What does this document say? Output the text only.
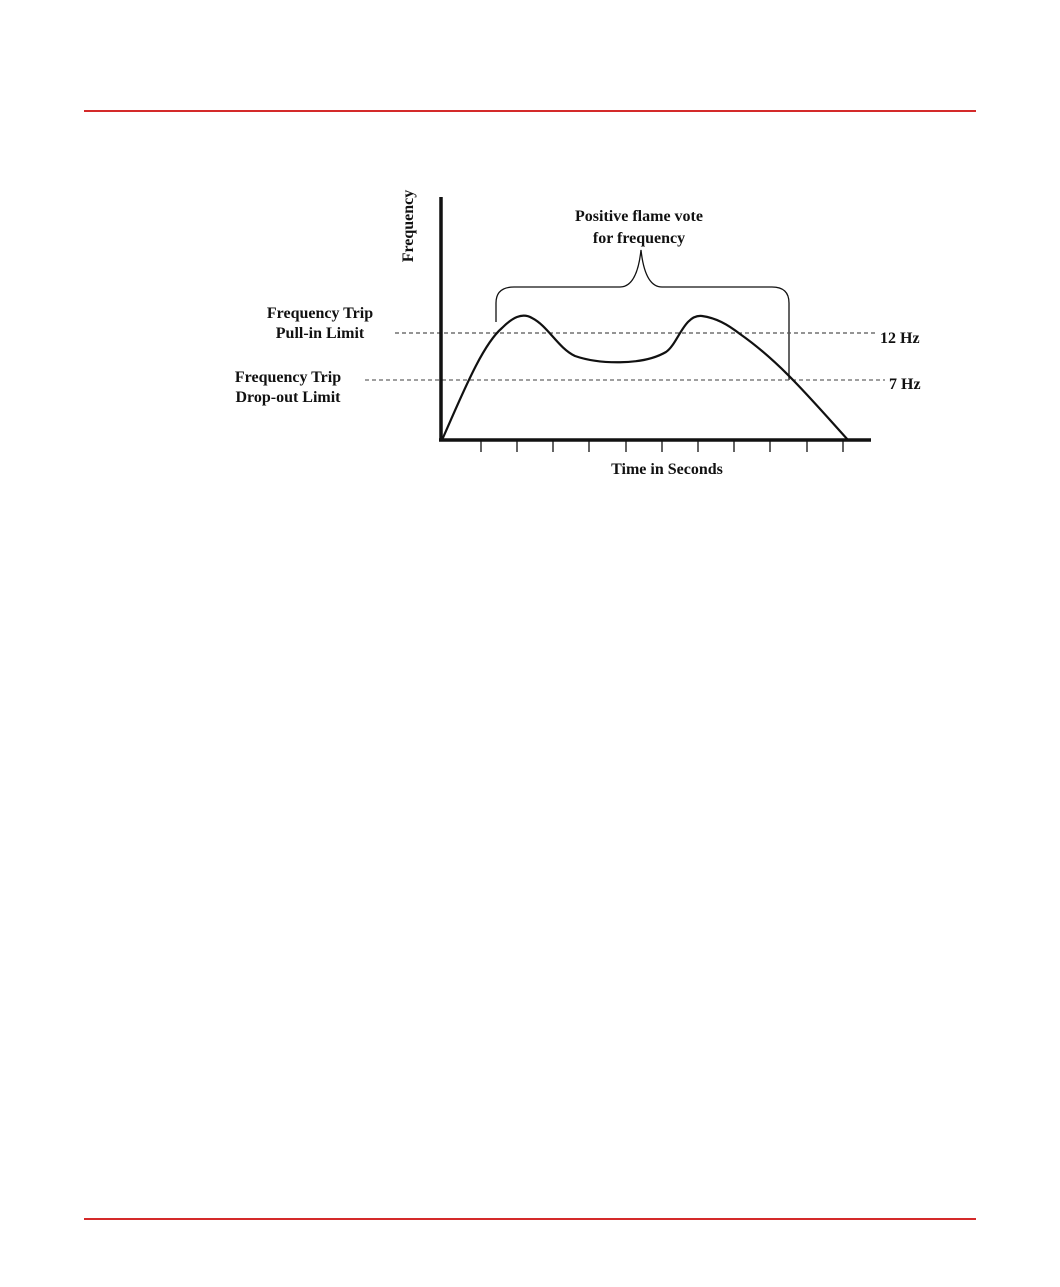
Frequency	Positive flame vote
for frequency
Frequency Trip
Pull-in Limit
Frequency Trip
Drop-out Limit
12 Hz
7 Hz
Time in Seconds
